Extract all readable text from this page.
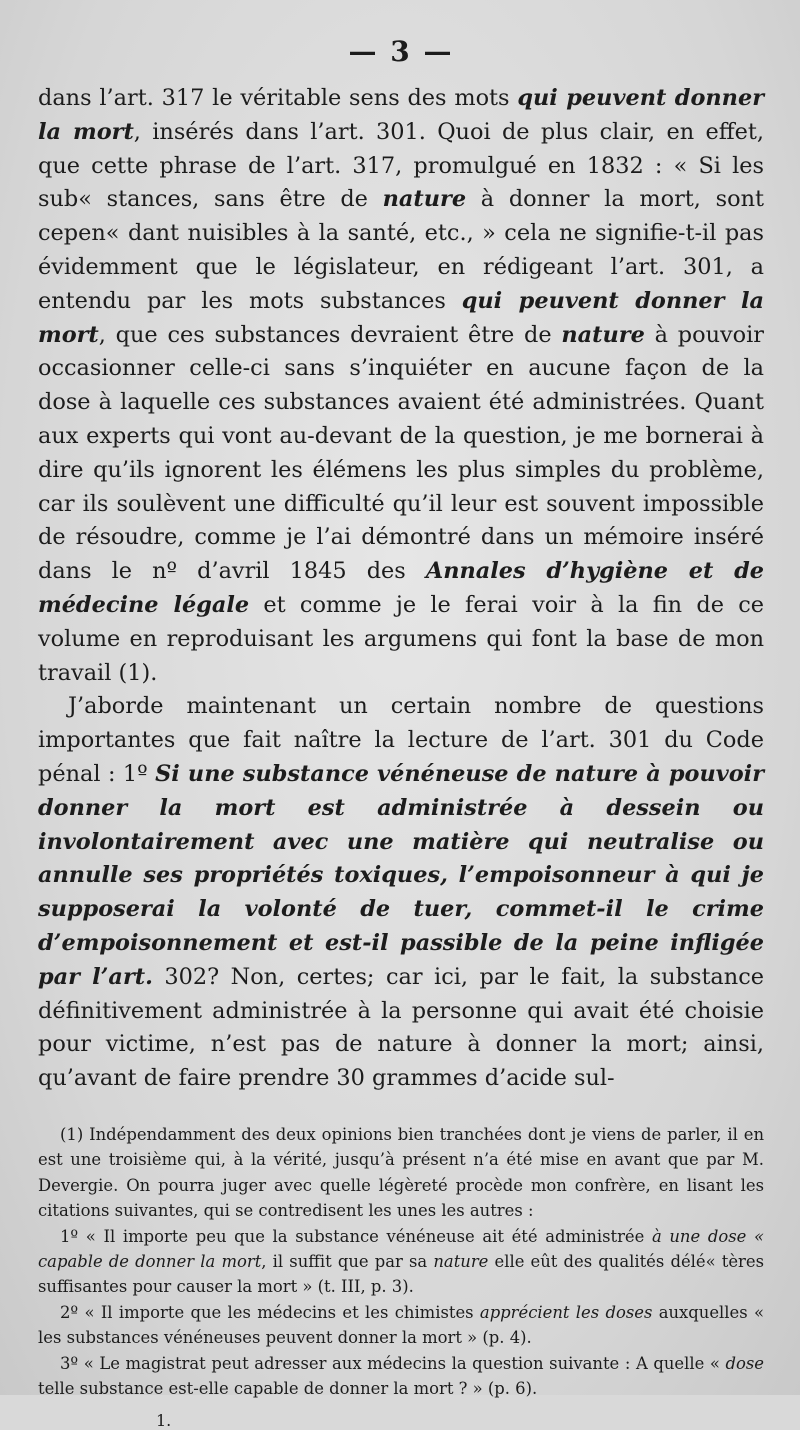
— 3 —

dans l’art. 317 le véritable sens des mots qui peuvent donner la mort, insérés dans l’art. 301. Quoi de plus clair, en effet, que cette phrase de l’art. 317, promulgué en 1832 : « Si les sub« stances, sans être de nature à donner la mort, sont cepen« dant nuisibles à la santé, etc., » cela ne signifie-t-il pas évidemment que le législateur, en rédigeant l’art. 301, a entendu par les mots substances qui peuvent donner la mort, que ces substances devraient être de nature à pouvoir occasionner celle-ci sans s’inquiéter en aucune façon de la dose à laquelle ces substances avaient été administrées. Quant aux experts qui vont au-devant de la question, je me bornerai à dire qu’ils ignorent les élémens les plus simples du problème, car ils soulèvent une difficulté qu’il leur est souvent impossible de résoudre, comme je l’ai démontré dans un mémoire inséré dans le nº d’avril 1845 des Annales d’hygiène et de médecine légale et comme je le ferai voir à la fin de ce volume en reproduisant les argumens qui font la base de mon travail (1).

J’aborde maintenant un certain nombre de questions importantes que fait naître la lecture de l’art. 301 du Code pénal : 1º Si une substance vénéneuse de nature à pouvoir donner la mort est administrée à dessein ou involontairement avec une matière qui neutralise ou annulle ses propriétés toxiques, l’empoisonneur à qui je supposerai la volonté de tuer, commet-il le crime d’empoisonnement et est-il passible de la peine infligée par l’art. 302? Non, certes; car ici, par le fait, la substance définitivement administrée à la personne qui avait été choisie pour victime, n’est pas de nature à donner la mort; ainsi, qu’avant de faire prendre 30 grammes d’acide sul-

(1) Indépendamment des deux opinions bien tranchées dont je viens de parler, il en est une troisième qui, à la vérité, jusqu’à présent n’a été mise en avant que par M. Devergie. On pourra juger avec quelle légèreté procède mon confrère, en lisant les citations suivantes, qui se contredisent les unes les autres :

1º « Il importe peu que la substance vénéneuse ait été administrée à une dose « capable de donner la mort, il suffit que par sa nature elle eût des qualités délé« tères suffisantes pour causer la mort » (t. III, p. 3).

2º « Il importe que les médecins et les chimistes apprécient les doses auxquelles « les substances vénéneuses peuvent donner la mort » (p. 4).

3º « Le magistrat peut adresser aux médecins la question suivante : A quelle « dose telle substance est-elle capable de donner la mort ? » (p. 6).

1.
